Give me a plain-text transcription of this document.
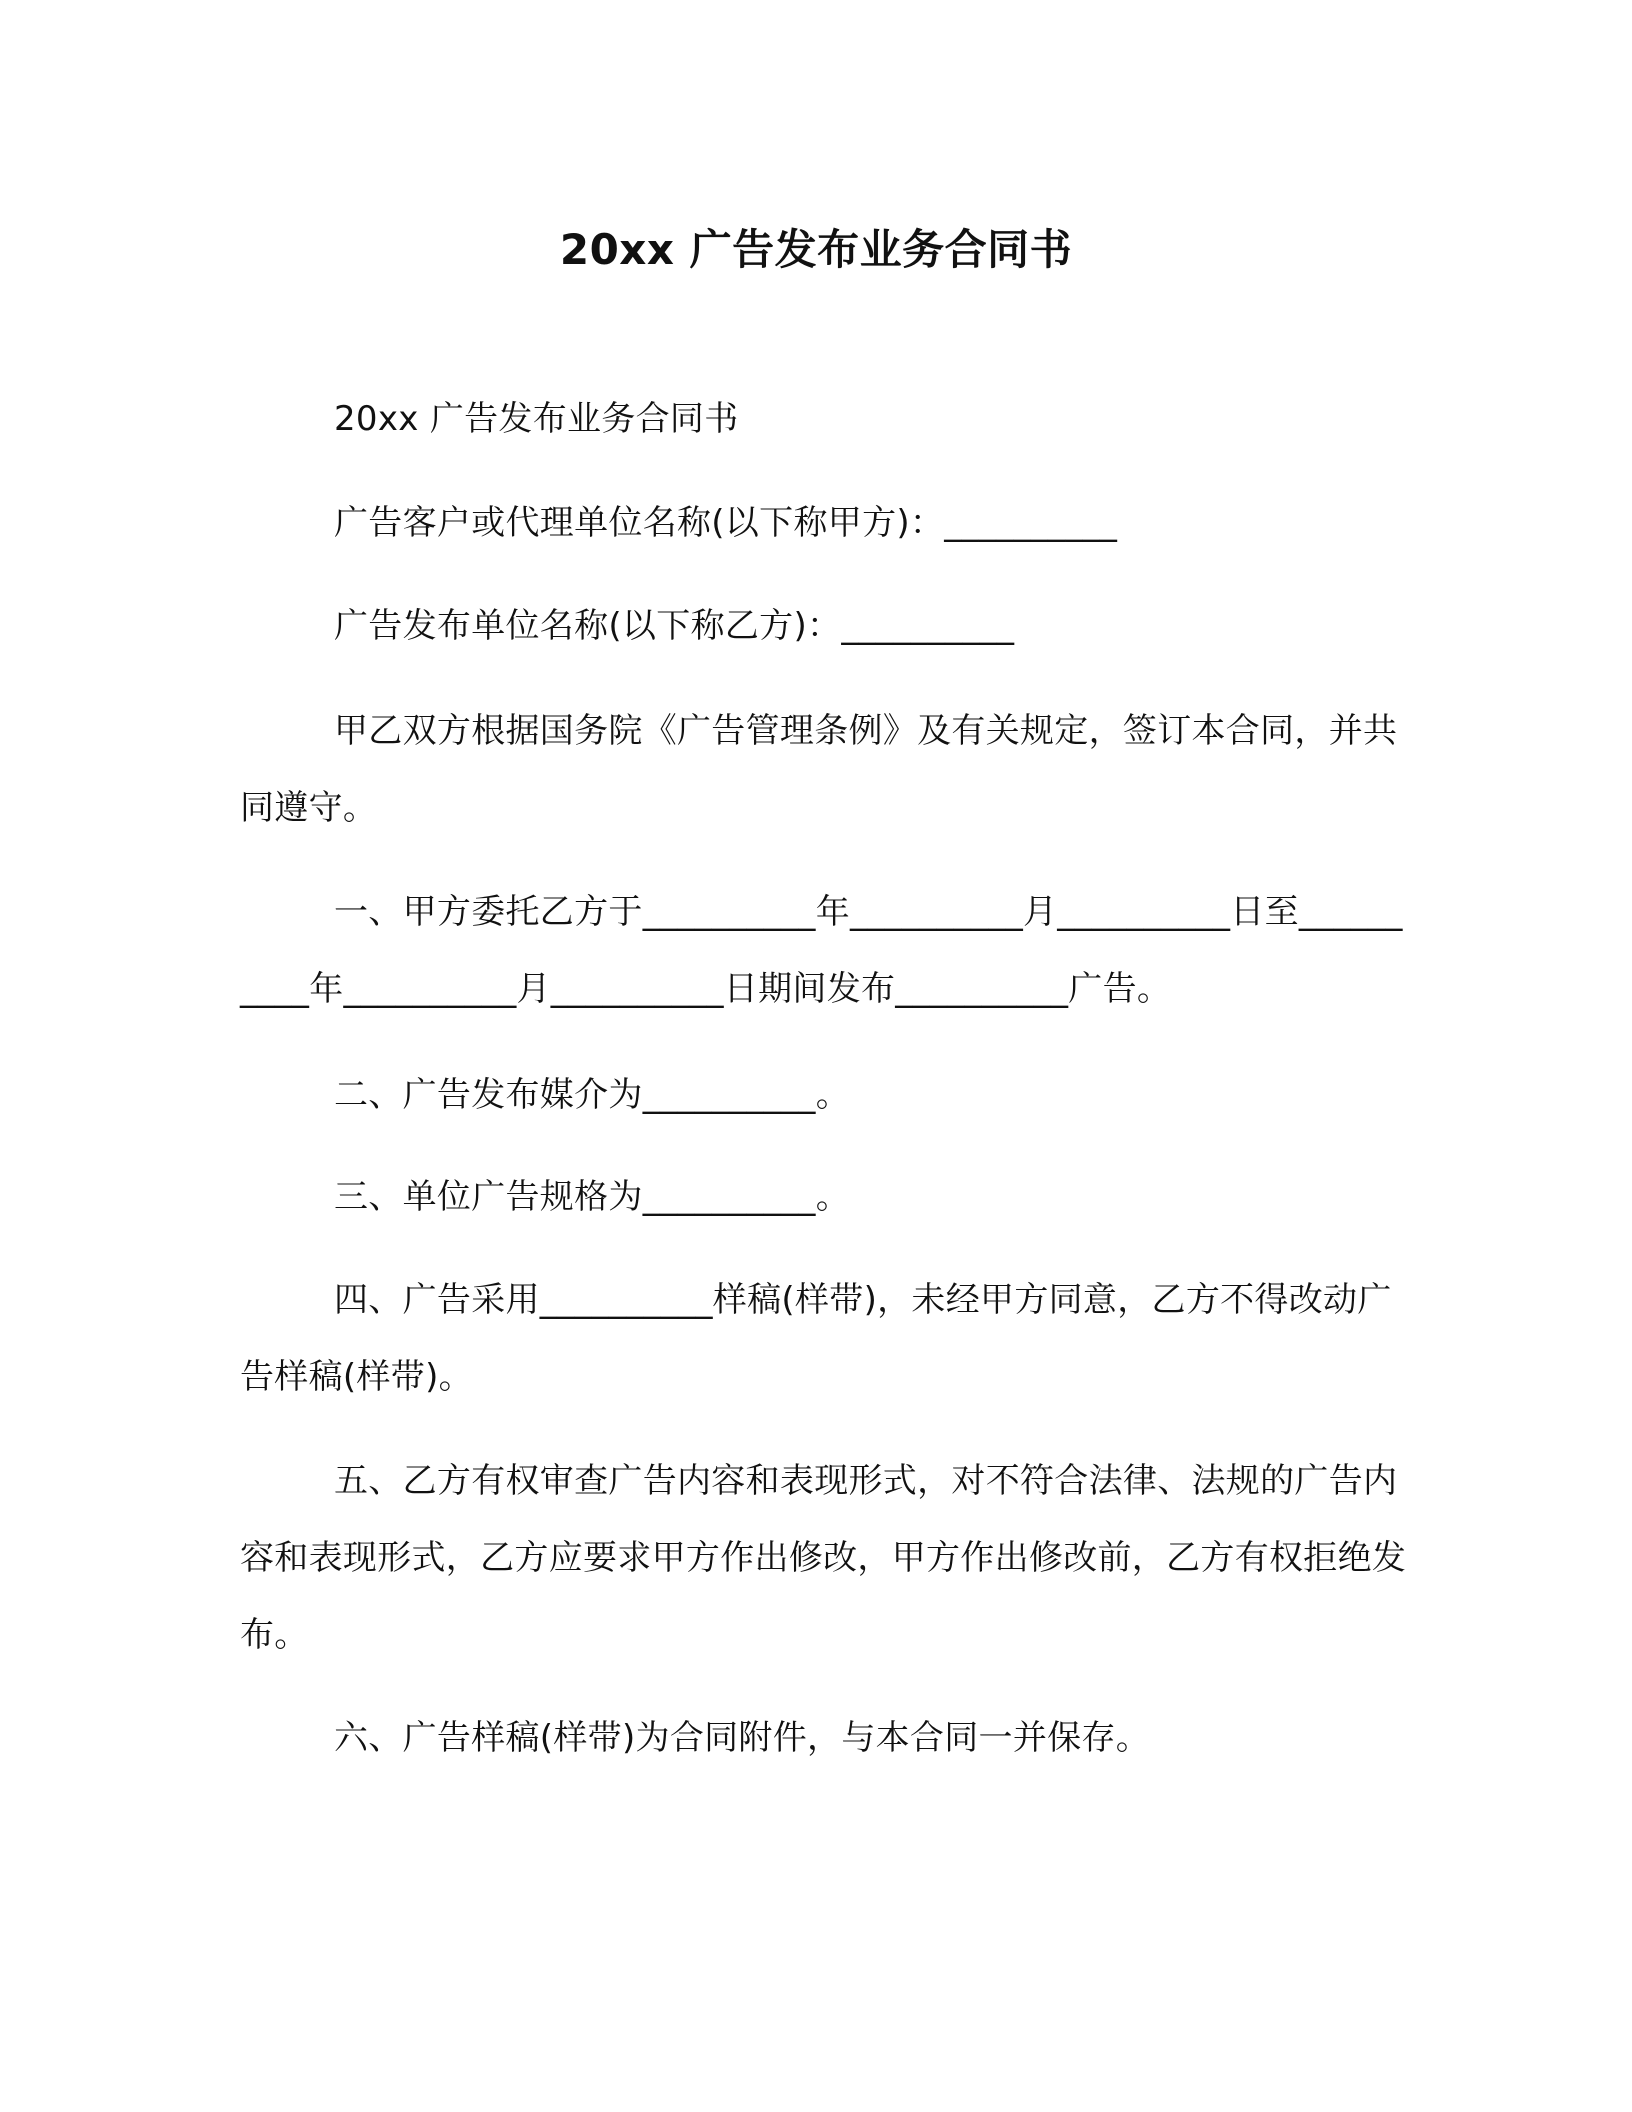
20xx 广告发布业务合同书

20xx 广告发布业务合同书

广告客户或代理单位名称(以下称甲方)：__________

广告发布单位名称(以下称乙方)：__________

甲乙双方根据国务院《广告管理条例》及有关规定，签订本合同，并共同遵守。

一、甲方委托乙方于__________年__________月__________日至__________年__________月__________日期间发布__________广告。

二、广告发布媒介为__________。

三、单位广告规格为__________。

四、广告采用__________样稿(样带)，未经甲方同意，乙方不得改动广告样稿(样带)。

五、乙方有权审查广告内容和表现形式，对不符合法律、法规的广告内容和表现形式，乙方应要求甲方作出修改，甲方作出修改前，乙方有权拒绝发布。

六、广告样稿(样带)为合同附件，与本合同一并保存。
